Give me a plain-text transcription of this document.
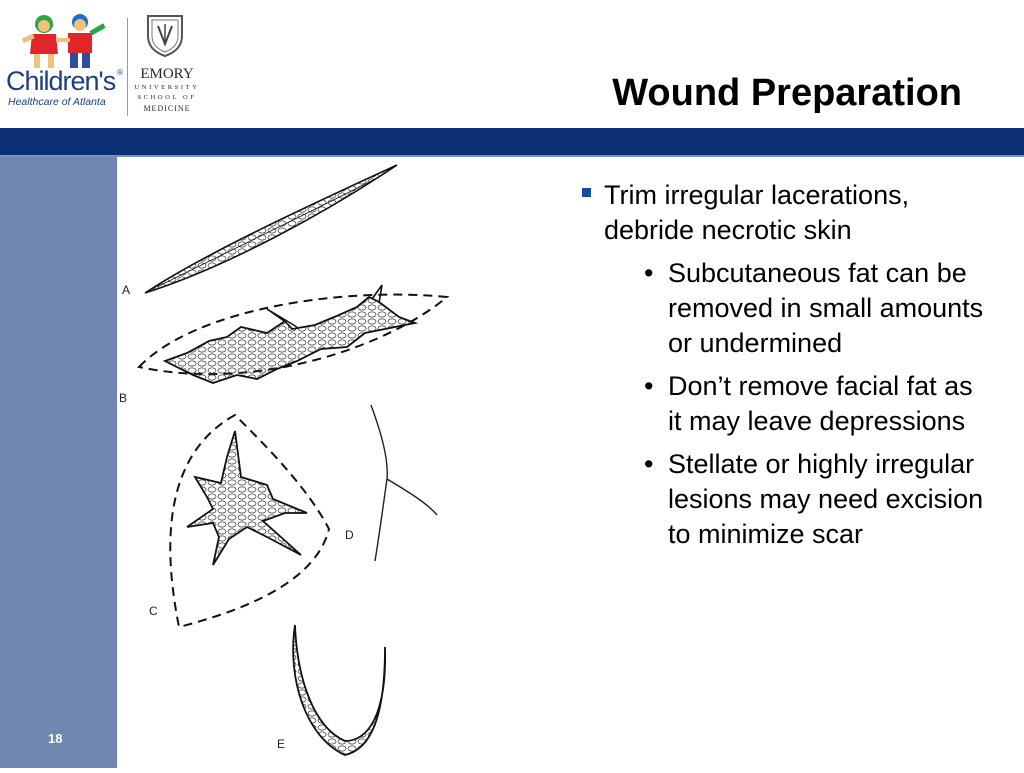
Children's ®
Healthcare of Atlanta
EMORY
UNIVERSITY
SCHOOL OF
MEDICINE	Wound Preparation
18
A
B
C
D
E
Trim irregular lacerations, debride necrotic skin
• Subcutaneous fat can be removed in small amounts or undermined
• Don’t remove facial fat as it may leave depressions
• Stellate or highly irregular lesions may need excision to minimize scar
